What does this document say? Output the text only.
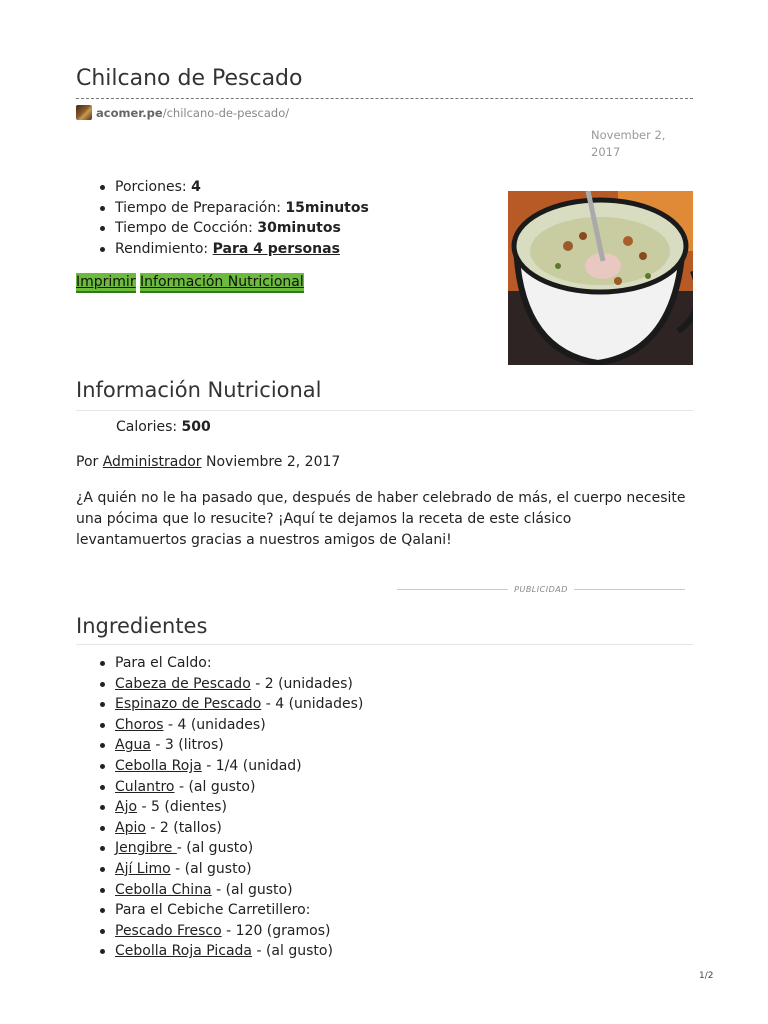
Chilcano de Pescado
acomer.pe /chilcano-de-pescado/
November 2, 2017
Porciones: 4
Tiempo de Preparación: 15minutos
Tiempo de Cocción: 30minutos
Rendimiento: Para 4 personas
Imprimir Información Nutricional
Información Nutricional
Calories: 500
Por Administrador Noviembre 2, 2017

¿A quién no le ha pasado que, después de haber celebrado de más, el cuerpo necesite una pócima que lo resucite? ¡Aquí te dejamos la receta de este clásico levantamuertos gracias a nuestros amigos de Qalani!

PUBLICIDAD
Ingredientes
Para el Caldo:
Cabeza de Pescado - 2 (unidades)
Espinazo de Pescado - 4 (unidades)
Choros - 4 (unidades)
Agua - 3 (litros)
Cebolla Roja - 1/4 (unidad)
Culantro - (al gusto)
Ajo - 5 (dientes)
Apio - 2 (tallos)
Jengibre - (al gusto)
Ají Limo - (al gusto)
Cebolla China - (al gusto)
Para el Cebiche Carretillero:
Pescado Fresco - 120 (gramos)
Cebolla Roja Picada - (al gusto)
1/2
